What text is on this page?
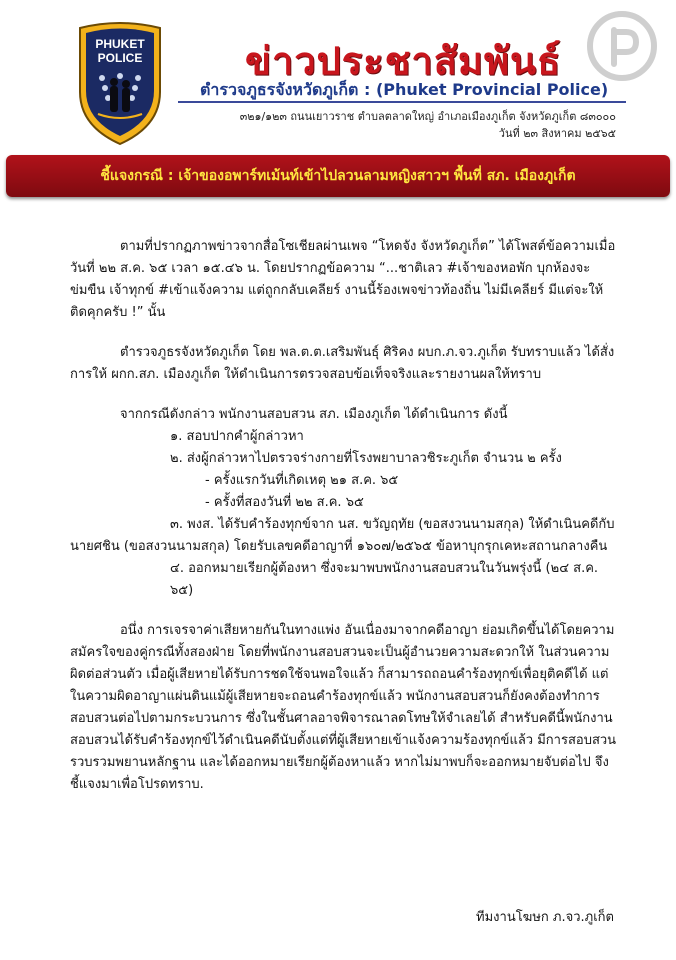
PHUKET
POLICE	ข่าวประชาสัมพันธ์
ตำรวจภูธรจังหวัดภูเก็ต : (Phuket Provincial Police)
๓๒๑/๑๒๓ ถนนเยาวราช ตำบลตลาดใหญ่ อำเภอเมืองภูเก็ต จังหวัดภูเก็ต ๘๓๐๐๐
วันที่ ๒๓ สิงหาคม ๒๕๖๕
ชี้แจงกรณี : เจ้าของอพาร์ทเม้นท์เข้าไปลวนลามหญิงสาวฯ พื้นที่ สภ. เมืองภูเก็ต

ตามที่ปรากฏภาพข่าวจากสื่อโซเชียลผ่านเพจ “โหดจัง จังหวัดภูเก็ต” ได้โพสต์ข้อความเมื่อ วันที่ ๒๒ ส.ค. ๖๕ เวลา ๑๕.๔๖ น. โดยปรากฏข้อความ “...ชาติเลว #เจ้าของหอพัก บุกห้องจะข่มขืน เจ้าทุกข์ #เข้าแจ้งความ แต่ถูกกลับเคลียร์ งานนี้ร้องเพจข่าวท้องถิ่น ไม่มีเคลียร์ มีแต่จะให้ติดคุกครับ !” นั้น

ตำรวจภูธรจังหวัดภูเก็ต โดย พล.ต.ต.เสริมพันธุ์ ศิริคง ผบก.ภ.จว.ภูเก็ต รับทราบแล้ว ได้สั่งการให้ ผกก.สภ. เมืองภูเก็ต ให้ดำเนินการตรวจสอบข้อเท็จจริงและรายงานผลให้ทราบ

จากกรณีดังกล่าว พนักงานสอบสวน สภ. เมืองภูเก็ต ได้ดำเนินการ ดังนี้

๑. สอบปากคำผู้กล่าวหา

๒. ส่งผู้กล่าวหาไปตรวจร่างกายที่โรงพยาบาลวชิระภูเก็ต จำนวน ๒ ครั้ง

- ครั้งแรกวันที่เกิดเหตุ ๒๑ ส.ค. ๖๕

- ครั้งที่สองวันที่ ๒๒ ส.ค. ๖๕

๓. พงส. ได้รับคำร้องทุกข์จาก นส. ขวัญฤทัย (ขอสงวนนามสกุล) ให้ดำเนินคดีกับนายศชิน (ขอสงวนนามสกุล) โดยรับเลขคดีอาญาที่ ๑๖๐๗/๒๕๖๕ ข้อหาบุกรุกเคหะสถานกลางคืน

๔. ออกหมายเรียกผู้ต้องหา ซึ่งจะมาพบพนักงานสอบสวนในวันพรุ่งนี้ (๒๔ ส.ค. ๖๕)

อนึ่ง การเจรจาค่าเสียหายกันในทางแพ่ง อันเนื่องมาจากคดีอาญา ย่อมเกิดขึ้นได้โดยความสมัครใจของคู่กรณีทั้งสองฝ่าย โดยที่พนักงานสอบสวนจะเป็นผู้อำนวยความสะดวกให้ ในส่วนความผิดต่อส่วนตัว เมื่อผู้เสียหายได้รับการชดใช้จนพอใจแล้ว ก็สามารถถอนคำร้องทุกข์เพื่อยุติคดีได้ แต่ในความผิดอาญาแผ่นดินแม้ผู้เสียหายจะถอนคำร้องทุกข์แล้ว พนักงานสอบสวนก็ยังคงต้องทำการสอบสวนต่อไปตามกระบวนการ ซึ่งในชั้นศาลอาจพิจารณาลดโทษให้จำเลยได้ สำหรับคดีนี้พนักงานสอบสวนได้รับคำร้องทุกข์ไว้ดำเนินคดีนับตั้งแต่ที่ผู้เสียหายเข้าแจ้งความร้องทุกข์แล้ว มีการสอบสวนรวบรวมพยานหลักฐาน และได้ออกหมายเรียกผู้ต้องหาแล้ว หากไม่มาพบก็จะออกหมายจับต่อไป จึงชี้แจงมาเพื่อโปรดทราบ.

ทีมงานโฆษก ภ.จว.ภูเก็ต
